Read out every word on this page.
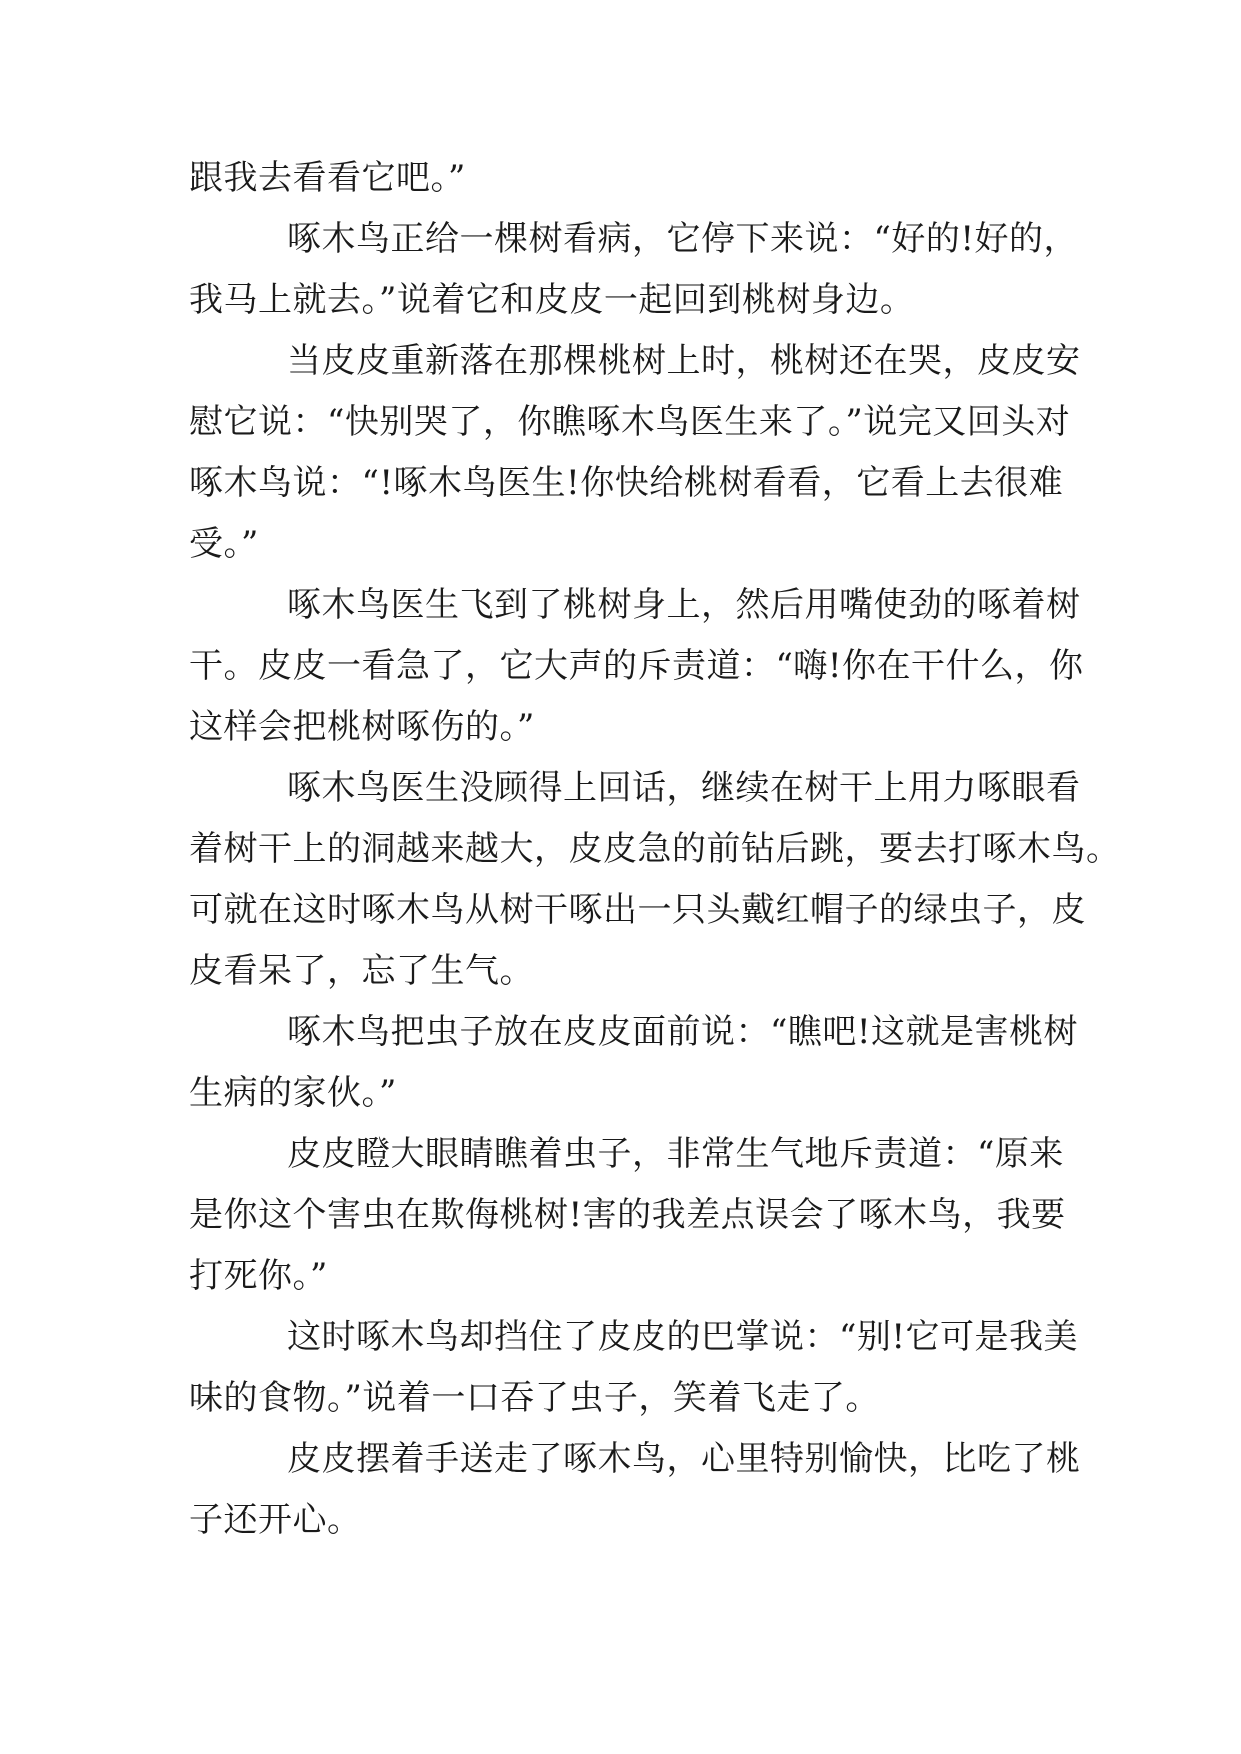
跟我去看看它吧。”
啄木鸟正给一棵树看病，它停下来说：“好的!好的，
我马上就去。”说着它和皮皮一起回到桃树身边。
当皮皮重新落在那棵桃树上时，桃树还在哭，皮皮安
慰它说：“快别哭了，你瞧啄木鸟医生来了。”说完又回头对
啄木鸟说：“!啄木鸟医生!你快给桃树看看，它看上去很难
受。”
啄木鸟医生飞到了桃树身上，然后用嘴使劲的啄着树
干。皮皮一看急了，它大声的斥责道：“嗨!你在干什么，你
这样会把桃树啄伤的。”
啄木鸟医生没顾得上回话，继续在树干上用力啄眼看
着树干上的洞越来越大，皮皮急的前钻后跳，要去打啄木鸟。
可就在这时啄木鸟从树干啄出一只头戴红帽子的绿虫子，皮
皮看呆了，忘了生气。
啄木鸟把虫子放在皮皮面前说：“瞧吧!这就是害桃树
生病的家伙。”
皮皮瞪大眼睛瞧着虫子，非常生气地斥责道：“原来
是你这个害虫在欺侮桃树!害的我差点误会了啄木鸟，我要
打死你。”
这时啄木鸟却挡住了皮皮的巴掌说：“别!它可是我美
味的食物。”说着一口吞了虫子，笑着飞走了。
皮皮摆着手送走了啄木鸟，心里特别愉快，比吃了桃
子还开心。
